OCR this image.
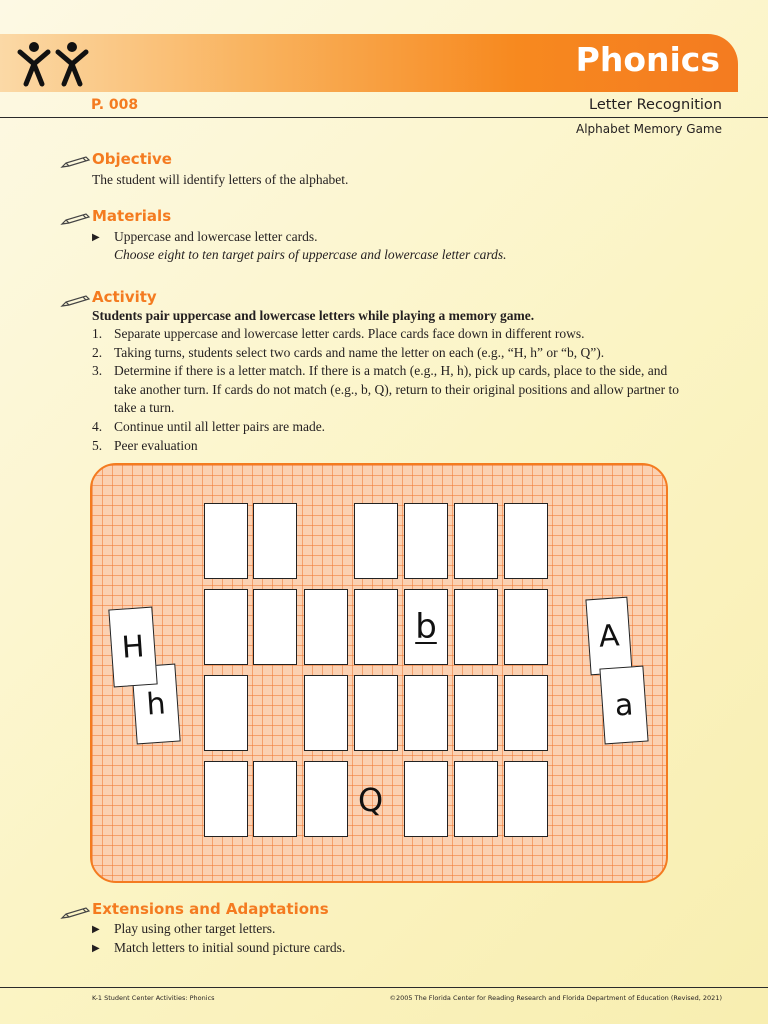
Phonics
P. 008	Letter Recognition
Alphabet Memory Game
Objective
The student will identify letters of the alphabet.
Materials
▶ Uppercase and lowercase letter cards.
Choose eight to ten target pairs of uppercase and lowercase letter cards.
Activity
Students pair uppercase and lowercase letters while playing a memory game.
1. Separate uppercase and lowercase letter cards. Place cards face down in different rows.
2. Taking turns, students select two cards and name the letter on each (e.g., “H, h” or “b, Q”).
3. Determine if there is a letter match. If there is a match (e.g., H, h), pick up cards, place to the side, and take another turn. If cards do not match (e.g., b, Q), return to their original positions and allow partner to take a turn.
4. Continue until all letter pairs are made.
5. Peer evaluation
b
Q
h
H	A
a
Extensions and Adaptations
▶ Play using other target letters.
▶ Match letters to initial sound picture cards.
K-1 Student Center Activities: Phonics	©2005 The Florida Center for Reading Research and Florida Department of Education (Revised, 2021)
